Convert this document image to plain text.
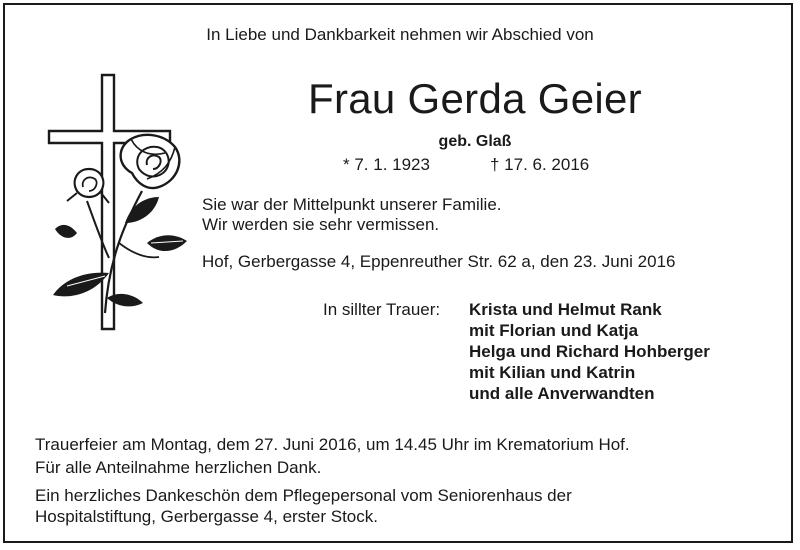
In Liebe und Dankbarkeit nehmen wir Abschied von
Frau Gerda Geier
geb. Glaß
* 7. 1. 1923	† 17. 6. 2016
Sie war der Mittelpunkt unserer Familie.
Wir werden sie sehr vermissen.
Hof, Gerbergasse 4, Eppenreuther Str. 62 a, den 23. Juni 2016
In sillter Trauer: Krista und Helmut Rank
mit Florian und Katja
Helga und Richard Hohberger
mit Kilian und Katrin
und alle Anverwandten
Trauerfeier am Montag, dem 27. Juni 2016, um 14.45 Uhr im Krematorium Hof.
Für alle Anteilnahme herzlichen Dank.
Ein herzliches Dankeschön dem Pflegepersonal vom Seniorenhaus der
Hospitalstiftung, Gerbergasse 4, erster Stock.
